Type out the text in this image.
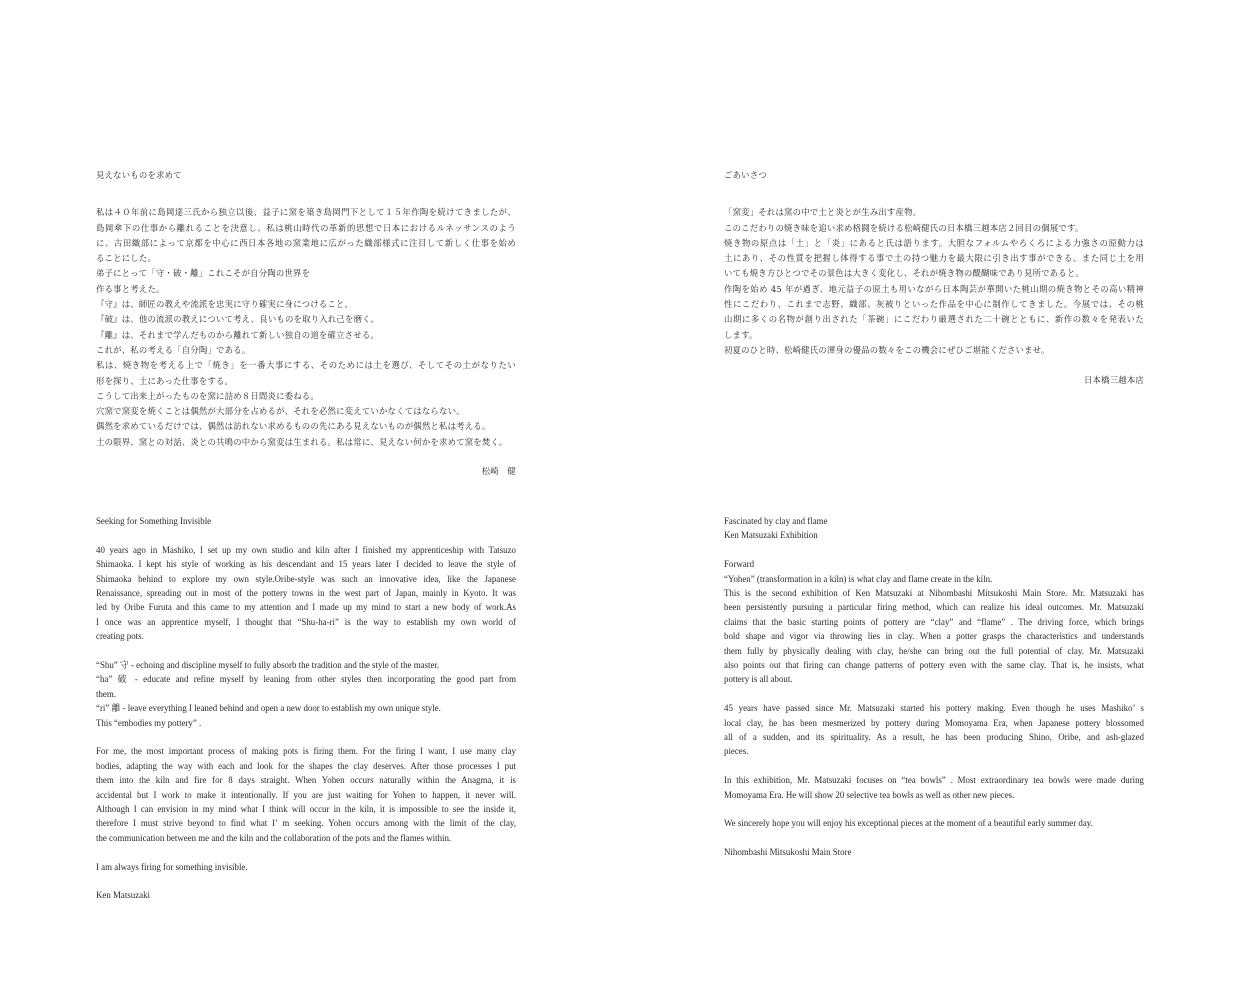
見えないものを求めて
私は４０年前に島岡達三氏から独立以後、益子に窯を築き島岡門下として１５年作陶を続けてきましたが、
島岡傘下の仕事から離れることを決意し、私は桃山時代の革新的思想で日本におけるルネッサンスのよう
に、古田織部によって京都を中心に西日本各地の窯業地に広がった織部様式に注目して新しく仕事を始め
ることにした。
弟子にとって「守・破・離」これこそが自分陶の世界を
作る事と考えた。
『守』は、師匠の教えや流派を忠実に守り確実に身につけること。
『破』は、他の流派の教えについて考え、良いものを取り入れ己を磨く。
『離』は、それまで学んだものから離れて新しい独自の道を確立させる。
これが、私の考える「自分陶」である。
私は、焼き物を考える上で「焼き」を一番大事にする、そのためには土を選び、そしてその土がなりたい
形を探り、土にあった仕事をする。
こうして出来上がったものを窯に詰め８日間炎に委ねる。
穴窯で窯変を焼くことは偶然が大部分を占めるが、それを必然に変えていかなくてはならない。
偶然を求めているだけでは、偶然は訪れない求めるものの先にある見えないものが偶然と私は考える。
土の限界、窯との対話、炎との共鳴の中から窯変は生まれる。私は常に、見えない何かを求めて窯を焚く。
松崎　健
ごあいさつ
「窯変」それは窯の中で土と炎とが生み出す産物。
このこだわりの焼き味を追い求め格闘を続ける松崎健氏の日本橋三越本店２回目の個展です。
焼き物の原点は「土」と「炎」にあると氏は語ります。大胆なフォルムやろくろによる力強さの原動力は
土にあり、その性質を把握し体得する事で土の持つ魅力を最大限に引き出す事ができる。また同じ土を用
いても焼き方ひとつでその景色は大きく変化し、それが焼き物の醍醐味であり見所であると。
作陶を始め 45 年が過ぎ、地元益子の原土も用いながら日本陶芸が華開いた桃山期の焼き物とその高い精神
性にこだわり、これまで志野、織部、灰被りといった作品を中心に制作してきました。今展では、その桃
山期に多くの名物が創り出された「茶碗」にこだわり厳選された二十碗とともに、新作の数々を発表いた
します。
初夏のひと時、松崎健氏の渾身の優品の数々をこの機会にぜひご堪能くださいませ。
日本橋三越本店
Seeking for Something Invisible
40 years ago in Mashiko, I set up my own studio and kiln after I finished my apprenticeship with Tatsuzo
Shimaoka. I kept his style of working as his descendant and 15 years later I decided to leave the style of
Shimaoka behind to explore my own style.Oribe-style was such an innovative idea, like the Japanese
Renaissance, spreading out in most of the pottery towns in the west part of Japan, mainly in Kyoto. It was
led by Oribe Furuta and this came to my attention and I made up my mind to start a new body of work.As
I once was an apprentice myself, I thought that “Shu-ha-ri” is the way to establish my own world of
creating pots.
“Shu” 守 - echoing and discipline myself to fully absorb the tradition and the style of the master.
“ha” 破 - educate and refine myself by leaning from other styles then incorporating the good part from
them.
“ri” 離 - leave everything I leaned behind and open a new door to establish my own unique style.
This “embodies my pottery” .
For me, the most important process of making pots is firing them. For the firing I want, I use many clay
bodies, adapting the way with each and look for the shapes the clay deserves. After those processes I put
them into the kiln and fire for 8 days straight. When Yohen occurs naturally within the Anagma, it is
accidental but I work to make it intentionally. If you are just waiting for Yohen to happen, it never will.
Although I can envision in my mind what I think will occur in the kiln, it is impossible to see the inside it,
therefore I must strive beyond to find what I’ m seeking. Yohen occurs among with the limit of the clay,
the communication between me and the kiln and the collaboration of the pots and the flames within.
I am always firing for something invisible.
Ken Matsuzaki
Fascinated by clay and flame
Ken Matsuzaki Exhibition
Forward
“Yohen” (transformation in a kiln) is what clay and flame create in the kiln.
This is the second exhibition of Ken Matsuzaki at Nihombashi Mitsukoshi Main Store. Mr. Matsuzaki has
been persistently pursuing a particular firing method, which can realize his ideal outcomes. Mr. Matsuzaki
claims that the basic starting points of pottery are “clay” and “flame” . The driving force, which brings
bold shape and vigor via throwing lies in clay. When a potter grasps the characteristics and understands
them fully by physically dealing with clay, he/she can bring out the full potential of clay. Mr. Matsuzaki
also points out that firing can change patterns of pottery even with the same clay. That is, he insists, what
pottery is all about.
45 years have passed since Mr. Matsuzaki started his pottery making. Even though he uses Mashiko’ s
local clay, he has been mesmerized by pottery during Momoyama Era, when Japanese pottery blossomed
all of a sudden, and its spirituality. As a result, he has been producing Shino, Oribe, and ash-glazed
pieces.
In this exhibition, Mr. Matsuzaki focuses on “tea bowls” . Most extraordinary tea bowls were made during
Momoyama Era. He will show 20 selective tea bowls as well as other new pieces.
We sincerely hope you will enjoy his exceptional pieces at the moment of a beautiful early summer day.
Nihombashi Mitsukoshi Main Store
